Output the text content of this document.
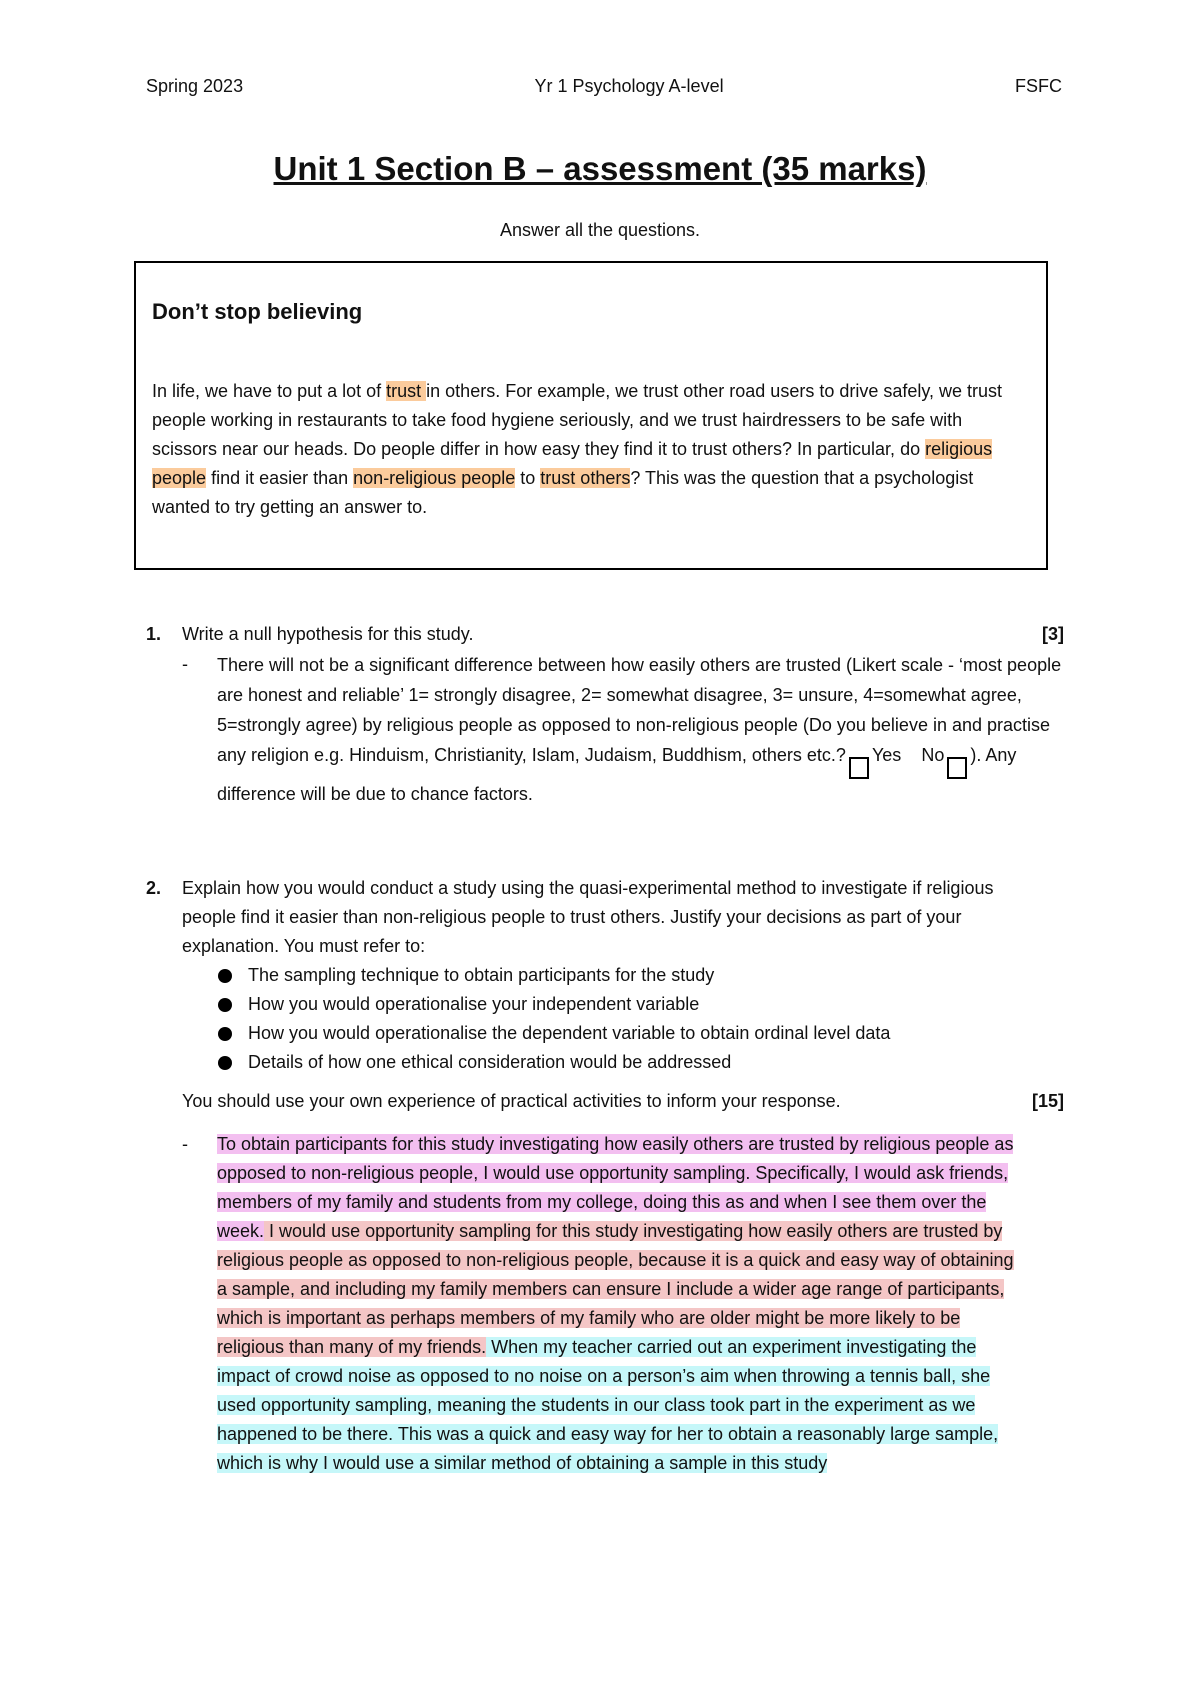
Spring 2023	Yr 1 Psychology A-level	FSFC
Unit 1 Section B – assessment (35 marks)
Answer all the questions.
Don’t stop believing
In life, we have to put a lot of trust in others. For example, we trust other road users to drive safely, we trust people working in restaurants to take food hygiene seriously, and we trust hairdressers to be safe with scissors near our heads. Do people differ in how easy they find it to trust others? In particular, do religious people find it easier than non-religious people to trust others? This was the question that a psychologist wanted to try getting an answer to.
1.	Write a null hypothesis for this study.	[3]
-	There will not be a significant difference between how easily others are trusted (Likert scale - ‘most people are honest and reliable’ 1= strongly disagree, 2= somewhat disagree, 3= unsure, 4=somewhat agree, 5=strongly agree) by religious people as opposed to non-religious people (Do you believe in and practise any religion e.g. Hinduism, Christianity, Islam, Judaism, Buddhism, others etc.? Yes No ). Any difference will be due to chance factors.
2.	Explain how you would conduct a study using the quasi-experimental method to investigate if religious people find it easier than non-religious people to trust others. Justify your decisions as part of your explanation. You must refer to:
The sampling technique to obtain participants for the study
How you would operationalise your independent variable
How you would operationalise the dependent variable to obtain ordinal level data
Details of how one ethical consideration would be addressed
You should use your own experience of practical activities to inform your response.	[15]
-	To obtain participants for this study investigating how easily others are trusted by religious people as opposed to non-religious people, I would use opportunity sampling. Specifically, I would ask friends, members of my family and students from my college, doing this as and when I see them over the week. I would use opportunity sampling for this study investigating how easily others are trusted by religious people as opposed to non-religious people, because it is a quick and easy way of obtaining a sample, and including my family members can ensure I include a wider age range of participants, which is important as perhaps members of my family who are older might be more likely to be religious than many of my friends. When my teacher carried out an experiment investigating the impact of crowd noise as opposed to no noise on a person’s aim when throwing a tennis ball, she used opportunity sampling, meaning the students in our class took part in the experiment as we happened to be there. This was a quick and easy way for her to obtain a reasonably large sample, which is why I would use a similar method of obtaining a sample in this study
